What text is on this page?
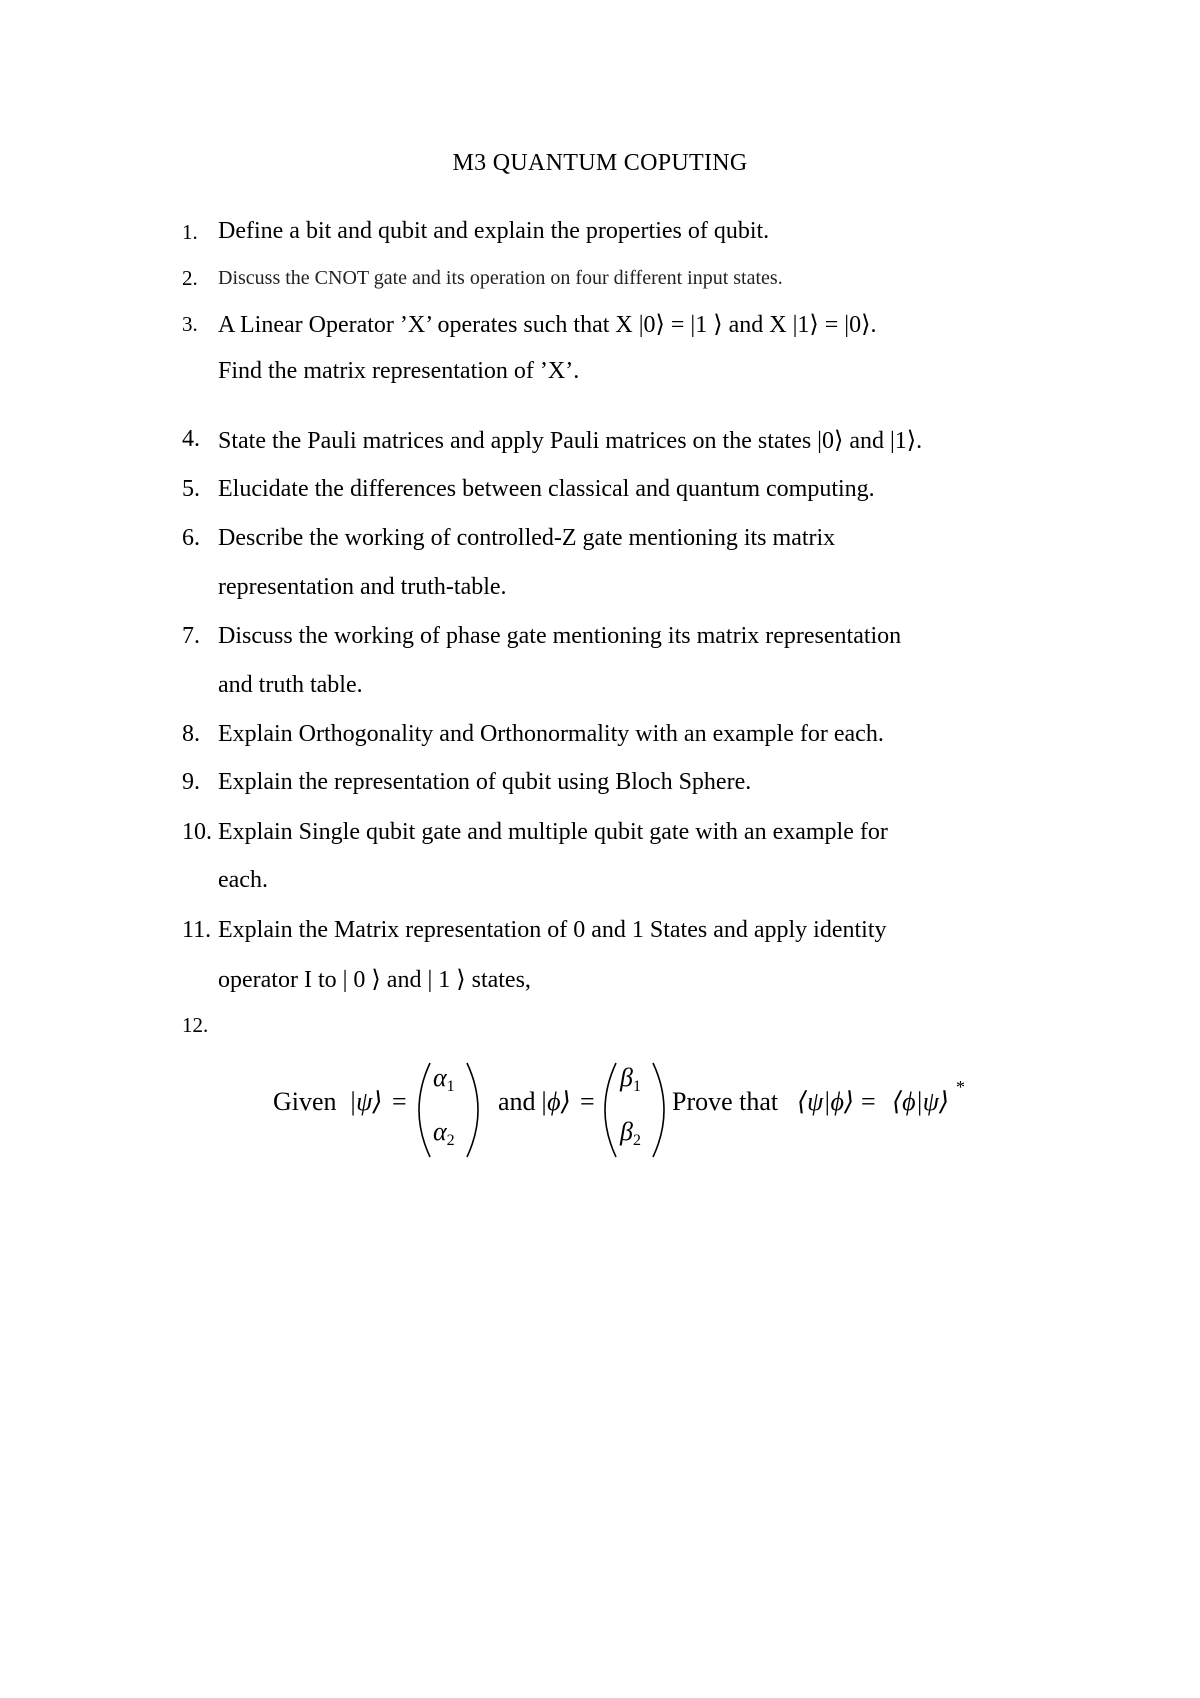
M3 QUANTUM COPUTING
1. Define a bit and qubit and explain the properties of qubit.
2. Discuss the CNOT gate and its operation on four different input states.
3. A Linear Operator ’X’ operates such that X |0⟩ = |1 ⟩ and X |1⟩ = |0⟩.
Find the matrix representation of ’X’.
4. State the Pauli matrices and apply Pauli matrices on the states |0⟩ and |1⟩.
5. Elucidate the differences between classical and quantum computing.
6. Describe the working of controlled-Z gate mentioning its matrix
representation and truth-table.
7. Discuss the working of phase gate mentioning its matrix representation
and truth table.
8. Explain Orthogonality and Orthonormality with an example for each.
9. Explain the representation of qubit using Bloch Sphere.
10. Explain Single qubit gate and multiple qubit gate with an example for
each.
11. Explain the Matrix representation of 0 and 1 States and apply identity
operator I to | 0 ⟩ and | 1 ⟩ states,
12.
Given |ψ⟩ =
$\alpha_1$
$\alpha_2$
and |ϕ⟩ =
$\beta_1$
$\beta_2$
Prove that ⟨ψ|ϕ⟩ = ⟨ϕ|ψ⟩ *
